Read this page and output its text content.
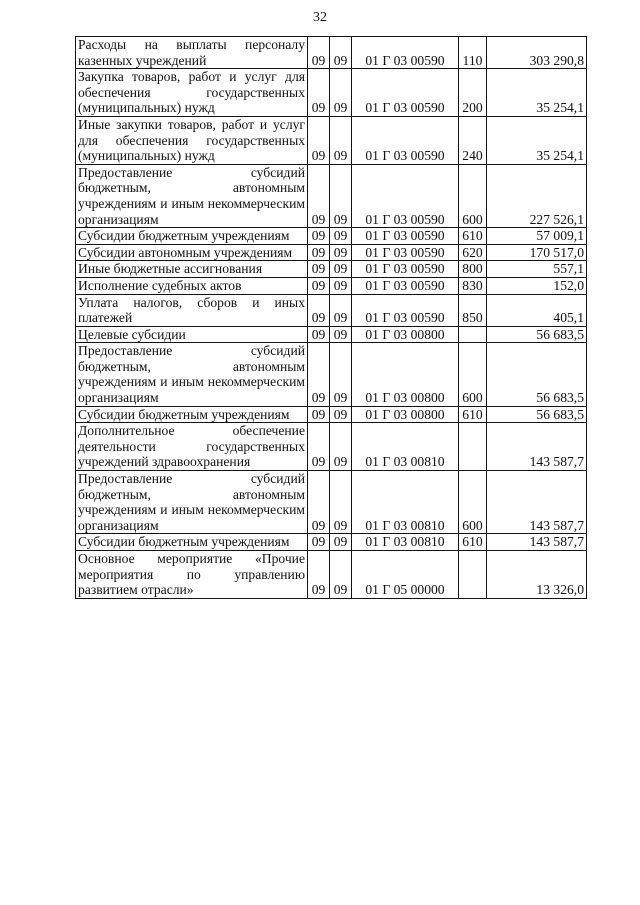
32
Расходы на выплаты персоналу казенных учреждений	09	09	01 Г 03 00590	110	303 290,8
Закупка товаров, работ и услуг для обеспечения государственных (муниципальных) нужд	09	09	01 Г 03 00590	200	35 254,1
Иные закупки товаров, работ и услуг для обеспечения государственных (муниципальных) нужд	09	09	01 Г 03 00590	240	35 254,1
Предоставление субсидий бюджетным, автономным учреждениям и иным некоммерческим организациям	09	09	01 Г 03 00590	600	227 526,1
Субсидии бюджетным учреждениям	09	09	01 Г 03 00590	610	57 009,1
Субсидии автономным учреждениям	09	09	01 Г 03 00590	620	170 517,0
Иные бюджетные ассигнования	09	09	01 Г 03 00590	800	557,1
Исполнение судебных актов	09	09	01 Г 03 00590	830	152,0
Уплата налогов, сборов и иных платежей	09	09	01 Г 03 00590	850	405,1
Целевые субсидии	09	09	01 Г 03 00800		56 683,5
Предоставление субсидий бюджетным, автономным учреждениям и иным некоммерческим организациям	09	09	01 Г 03 00800	600	56 683,5
Субсидии бюджетным учреждениям	09	09	01 Г 03 00800	610	56 683,5
Дополнительное обеспечение деятельности государственных учреждений здравоохранения	09	09	01 Г 03 00810		143 587,7
Предоставление субсидий бюджетным, автономным учреждениям и иным некоммерческим организациям	09	09	01 Г 03 00810	600	143 587,7
Субсидии бюджетным учреждениям	09	09	01 Г 03 00810	610	143 587,7
Основное мероприятие «Прочие мероприятия по управлению развитием отрасли»	09	09	01 Г 05 00000		13 326,0
